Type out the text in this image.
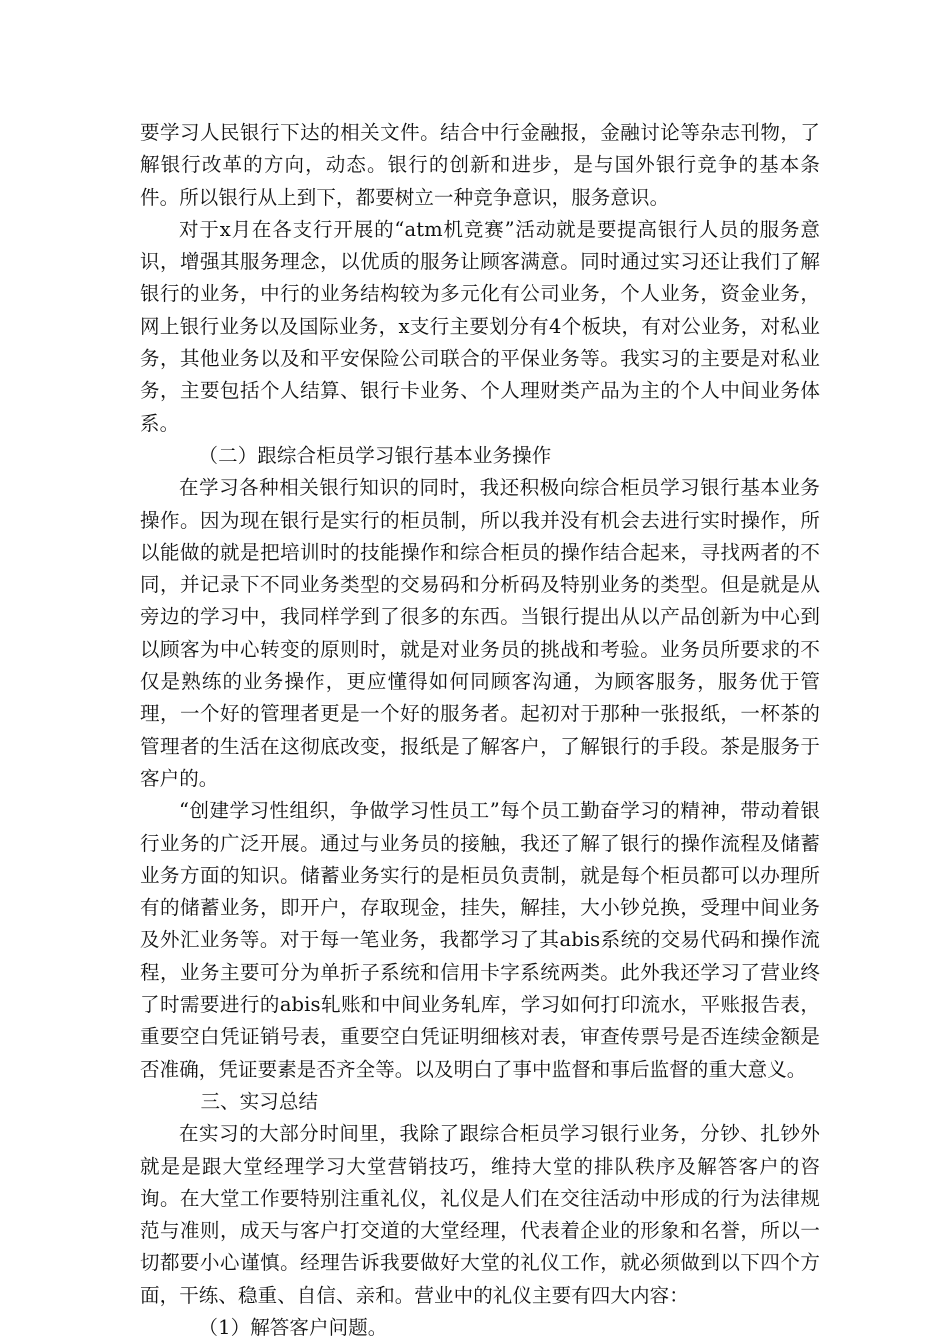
要学习人民银行下达的相关文件。结合中行金融报，金融讨论等杂志刊物，了解银行改革的方向，动态。银行的创新和进步，是与国外银行竞争的基本条件。所以银行从上到下，都要树立一种竞争意识，服务意识。

对于x月在各支行开展的“atm机竞赛”活动就是要提高银行人员的服务意识，增强其服务理念，以优质的服务让顾客满意。同时通过实习还让我们了解银行的业务，中行的业务结构较为多元化有公司业务，个人业务，资金业务，网上银行业务以及国际业务，x支行主要划分有4个板块，有对公业务，对私业务，其他业务以及和平安保险公司联合的平保业务等。我实习的主要是对私业务，主要包括个人结算、银行卡业务、个人理财类产品为主的个人中间业务体系。

（二）跟综合柜员学习银行基本业务操作

在学习各种相关银行知识的同时，我还积极向综合柜员学习银行基本业务操作。因为现在银行是实行的柜员制，所以我并没有机会去进行实时操作，所以能做的就是把培训时的技能操作和综合柜员的操作结合起来，寻找两者的不同，并记录下不同业务类型的交易码和分析码及特别业务的类型。但是就是从旁边的学习中，我同样学到了很多的东西。当银行提出从以产品创新为中心到以顾客为中心转变的原则时，就是对业务员的挑战和考验。业务员所要求的不仅是熟练的业务操作，更应懂得如何同顾客沟通，为顾客服务，服务优于管理，一个好的管理者更是一个好的服务者。起初对于那种一张报纸，一杯茶的管理者的生活在这彻底改变，报纸是了解客户，了解银行的手段。茶是服务于客户的。

“创建学习性组织，争做学习性员工”每个员工勤奋学习的精神，带动着银行业务的广泛开展。通过与业务员的接触，我还了解了银行的操作流程及储蓄业务方面的知识。储蓄业务实行的是柜员负责制，就是每个柜员都可以办理所有的储蓄业务，即开户，存取现金，挂失，解挂，大小钞兑换，受理中间业务及外汇业务等。对于每一笔业务，我都学习了其abis系统的交易代码和操作流程，业务主要可分为单折子系统和信用卡字系统两类。此外我还学习了营业终了时需要进行的abis轧账和中间业务轧库，学习如何打印流水，平账报告表，重要空白凭证销号表，重要空白凭证明细核对表，审查传票号是否连续金额是否准确，凭证要素是否齐全等。以及明白了事中监督和事后监督的重大意义。

三、实习总结

在实习的大部分时间里，我除了跟综合柜员学习银行业务，分钞、扎钞外就是是跟大堂经理学习大堂营销技巧，维持大堂的排队秩序及解答客户的咨询。在大堂工作要特别注重礼仪，礼仪是人们在交往活动中形成的行为法律规范与准则，成天与客户打交道的大堂经理，代表着企业的形象和名誉，所以一切都要小心谨慎。经理告诉我要做好大堂的礼仪工作，就必须做到以下四个方面，干练、稳重、自信、亲和。营业中的礼仪主要有四大内容：

（1）解答客户问题。
